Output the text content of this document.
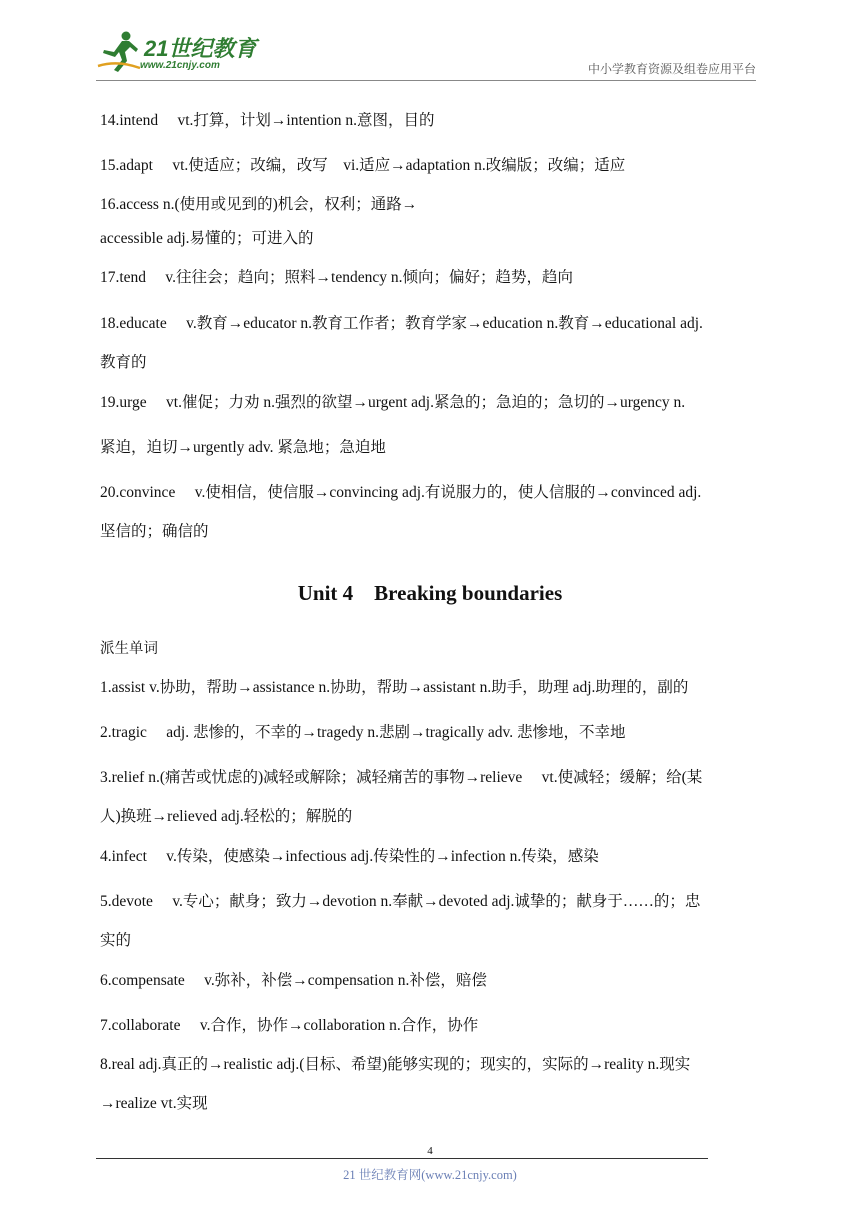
21世纪教育
www.21cnjy.com	中小学教育资源及组卷应用平台
14.intend　 vt.打算，计划→intention n.意图，目的
15.adapt　 vt.使适应；改编，改写　vi.适应→adaptation n.改编版；改编；适应
16.access n.(使用或见到的)机会，权利；通路→
accessible adj.易懂的；可进入的
17.tend　 v.往往会；趋向；照料→tendency n.倾向；偏好；趋势，趋向
18.educate　 v.教育→educator n.教育工作者；教育学家→education n.教育→educational adj.
教育的
19.urge　 vt.催促；力劝 n.强烈的欲望→urgent adj.紧急的；急迫的；急切的→urgency n.
紧迫，迫切→urgently adv. 紧急地；急迫地
20.convince　 v.使相信，使信服→convincing adj.有说服力的，使人信服的→convinced adj.
坚信的；确信的
Unit 4　Breaking boundaries
派生单词
1.assist v.协助，帮助→assistance n.协助，帮助→assistant n.助手，助理 adj.助理的，副的
2.tragic　 adj. 悲惨的，不幸的→tragedy n.悲剧→tragically adv. 悲惨地，不幸地
3.relief n.(痛苦或忧虑的)减轻或解除；减轻痛苦的事物→relieve　 vt.使减轻；缓解；给(某
人)换班→relieved adj.轻松的；解脱的
4.infect　 v.传染，使感染→infectious adj.传染性的→infection n.传染，感染
5.devote　 v.专心；献身；致力→devotion n.奉献→devoted adj.诚挚的；献身于……的；忠
实的
6.compensate　 v.弥补，补偿→compensation n.补偿，赔偿
7.collaborate　 v.合作，协作→collaboration n.合作，协作
8.real adj.真正的→realistic adj.(目标、希望)能够实现的；现实的，实际的→reality n.现实
→realize vt.实现
4
21 世纪教育网(www.21cnjy.com)
